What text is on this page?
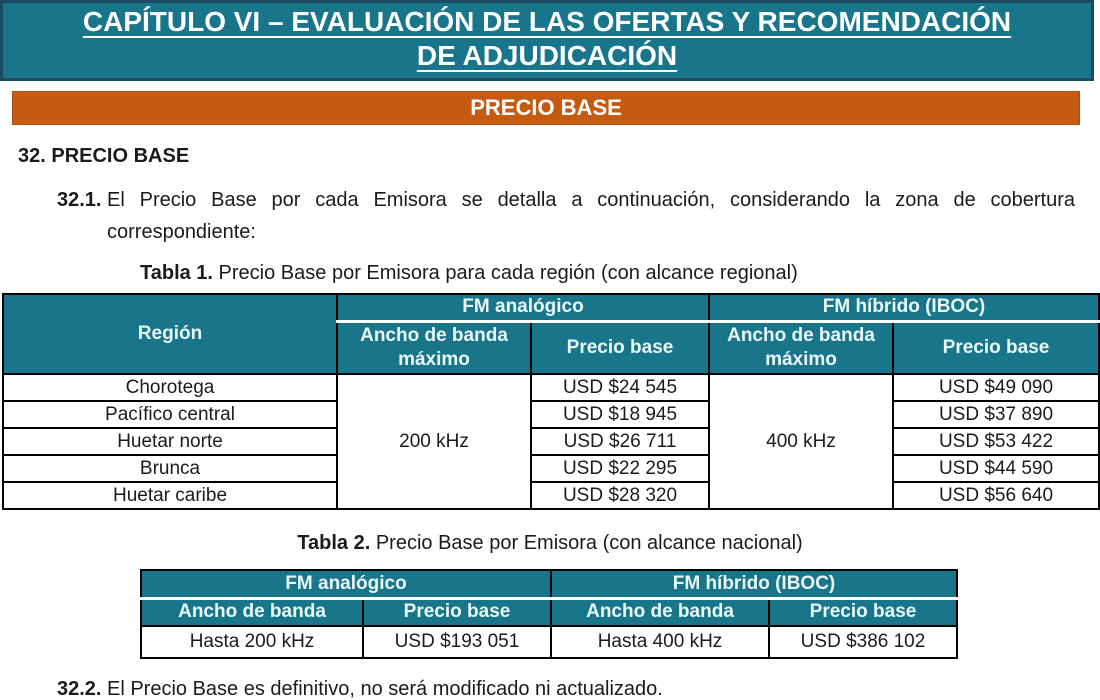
CAPÍTULO VI – EVALUACIÓN DE LAS OFERTAS Y RECOMENDACIÓN
DE ADJUDICACIÓN
PRECIO BASE
32. PRECIO BASE
32.1. El Precio Base por cada Emisora se detalla a continuación, considerando la zona de cobertura correspondiente:
Tabla 1. Precio Base por Emisora para cada región (con alcance regional)
Región	FM analógico		FM híbrido (IBOC)	
	Ancho de banda máximo	Precio base	Ancho de banda máximo	Precio base
Chorotega	200 kHz	USD $24 545	400 kHz	USD $49 090
Pacífico central		USD $18 945		USD $37 890
Huetar norte		USD $26 711		USD $53 422
Brunca		USD $22 295		USD $44 590
Huetar caribe		USD $28 320		USD $56 640
Tabla 2. Precio Base por Emisora (con alcance nacional)
FM analógico		FM híbrido (IBOC)	
Ancho de banda	Precio base	Ancho de banda	Precio base
Hasta 200 kHz	USD $193 051	Hasta 400 kHz	USD $386 102
32.2. El Precio Base es definitivo, no será modificado ni actualizado.
